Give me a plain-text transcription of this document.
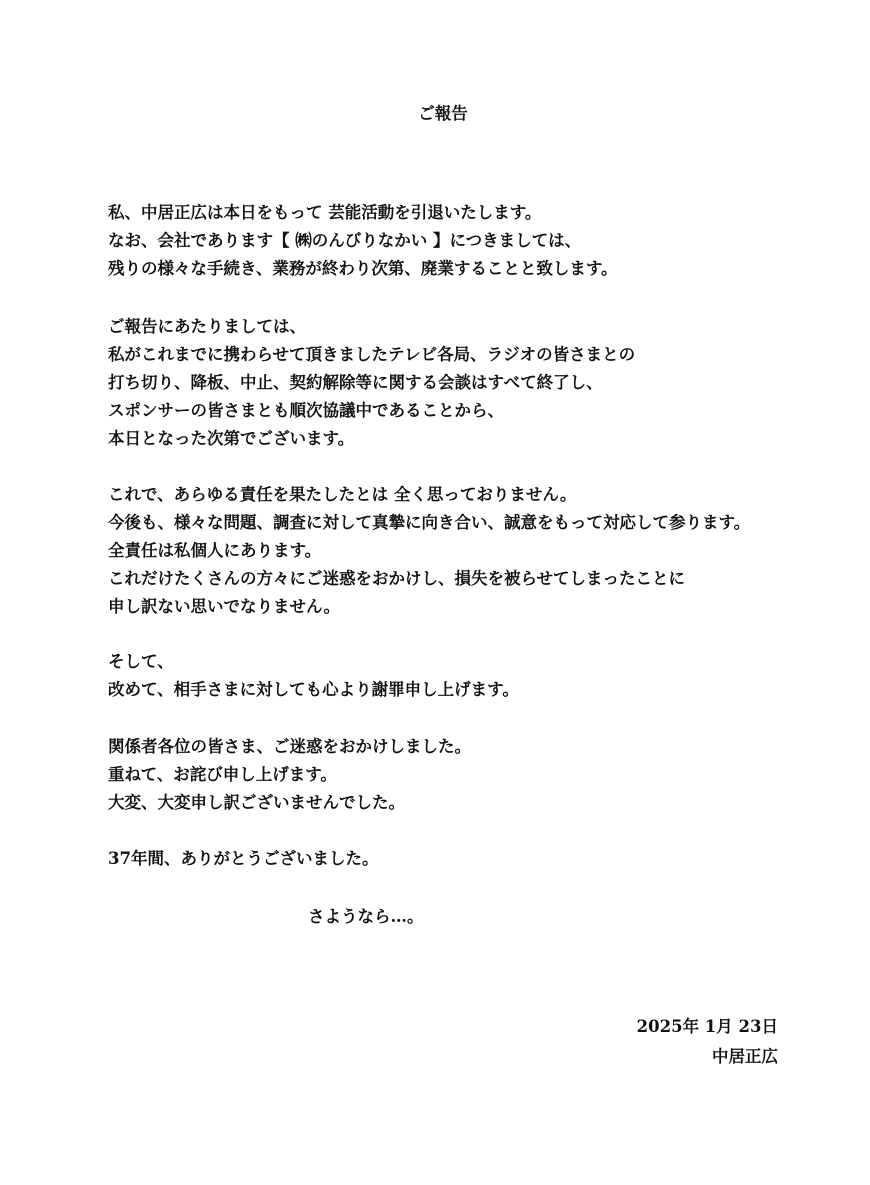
ご報告
私、中居正広は本日をもって 芸能活動を引退いたします。
なお、会社であります【 ㈱のんびりなかい 】につきましては、
残りの様々な手続き、業務が終わり次第、廃業することと致します。
ご報告にあたりましては、
私がこれまでに携わらせて頂きましたテレビ各局、ラジオの皆さまとの
打ち切り、降板、中止、契約解除等に関する会談はすべて終了し、
スポンサーの皆さまとも順次協議中であることから、
本日となった次第でございます。
これで、あらゆる責任を果たしたとは 全く思っておりません。
今後も、様々な問題、調査に対して真摯に向き合い、誠意をもって対応して参ります。
全責任は私個人にあります。
これだけたくさんの方々にご迷惑をおかけし、損失を被らせてしまったことに
申し訳ない思いでなりません。
そして、
改めて、相手さまに対しても心より謝罪申し上げます。
関係者各位の皆さま、ご迷惑をおかけしました。
重ねて、お詫び申し上げます。
大変、大変申し訳ございませんでした。
37年間、ありがとうございました。
さようなら…。
2025年 1月 23日
中居正広
